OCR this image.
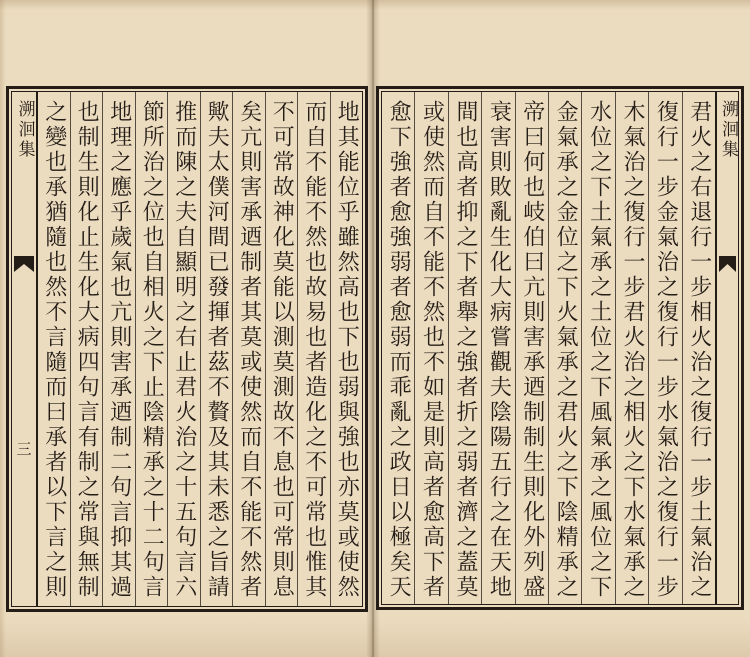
君火之右退行一步相火治之復行一步土氣治之
復行一步金氣治之復行一步水氣治之復行一步
木氣治之復行一步君火治之相火之下水氣承之
水位之下土氣承之土位之下風氣承之風位之下
金氣承之金位之下火氣承之君火之下陰精承之
帝曰何也岐伯曰亢則害承迺制制生則化外列盛
衰害則敗亂生化大病嘗觀夫陰陽五行之在天地
間也高者抑之下者舉之強者折之弱者濟之蓋莫
或使然而自不能不然也不如是則高者愈高下者
愈下強者愈強弱者愈弱而乖亂之政日以極矣天	溯洄集
地其能位乎雖然高也下也弱與強也亦莫或使然
而自不能不然也故易也者造化之不可常也惟其
不可常故神化莫能以測莫測故不息也可常則息
矣亢則害承迺制者其莫或使然而自不能不然者
歟夫太僕河間已發揮者茲不贅及其未悉之旨請
推而陳之夫自顯明之右止君火治之十五句言六
節所治之位也自相火之下止陰精承之十二句言
地理之應乎歲氣也亢則害承迺制二句言抑其過
也制生則化止生化大病四句言有制之常與無制
之變也承猶隨也然不言隨而曰承者以下言之則
溯洄集
三
